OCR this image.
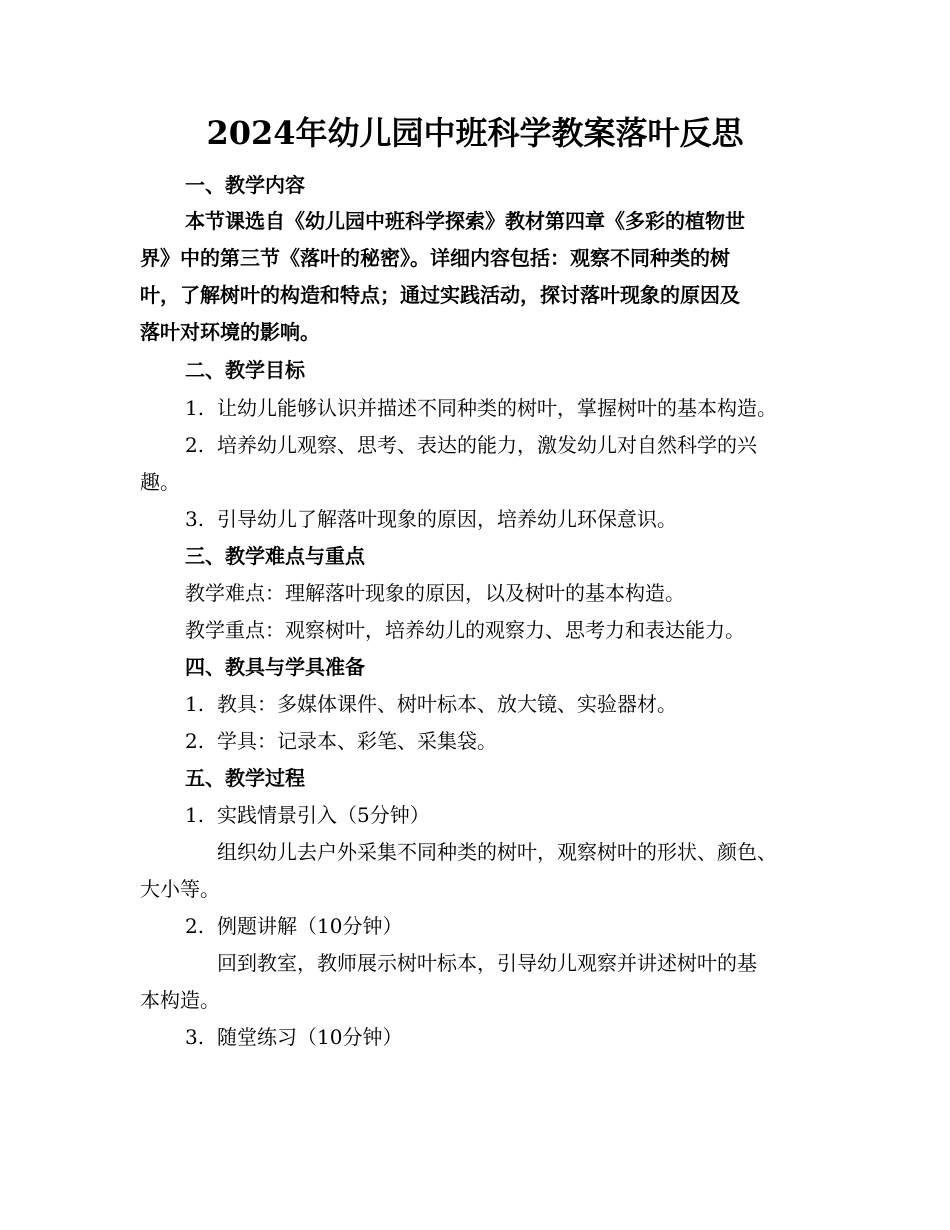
2024年幼儿园中班科学教案落叶反思
一、教学内容
本节课选自《幼儿园中班科学探索》教材第四章《多彩的植物世
界》中的第三节《落叶的秘密》。详细内容包括：观察不同种类的树
叶，了解树叶的构造和特点；通过实践活动，探讨落叶现象的原因及
落叶对环境的影响。
二、教学目标
1. 让幼儿能够认识并描述不同种类的树叶，掌握树叶的基本构造。
2. 培养幼儿观察、思考、表达的能力，激发幼儿对自然科学的兴
趣。
3. 引导幼儿了解落叶现象的原因，培养幼儿环保意识。
三、教学难点与重点
教学难点：理解落叶现象的原因，以及树叶的基本构造。
教学重点：观察树叶，培养幼儿的观察力、思考力和表达能力。
四、教具与学具准备
1. 教具：多媒体课件、树叶标本、放大镜、实验器材。
2. 学具：记录本、彩笔、采集袋。
五、教学过程
1. 实践情景引入（5分钟）
组织幼儿去户外采集不同种类的树叶，观察树叶的形状、颜色、
大小等。
2. 例题讲解（10分钟）
回到教室，教师展示树叶标本，引导幼儿观察并讲述树叶的基
本构造。
3. 随堂练习（10分钟）
